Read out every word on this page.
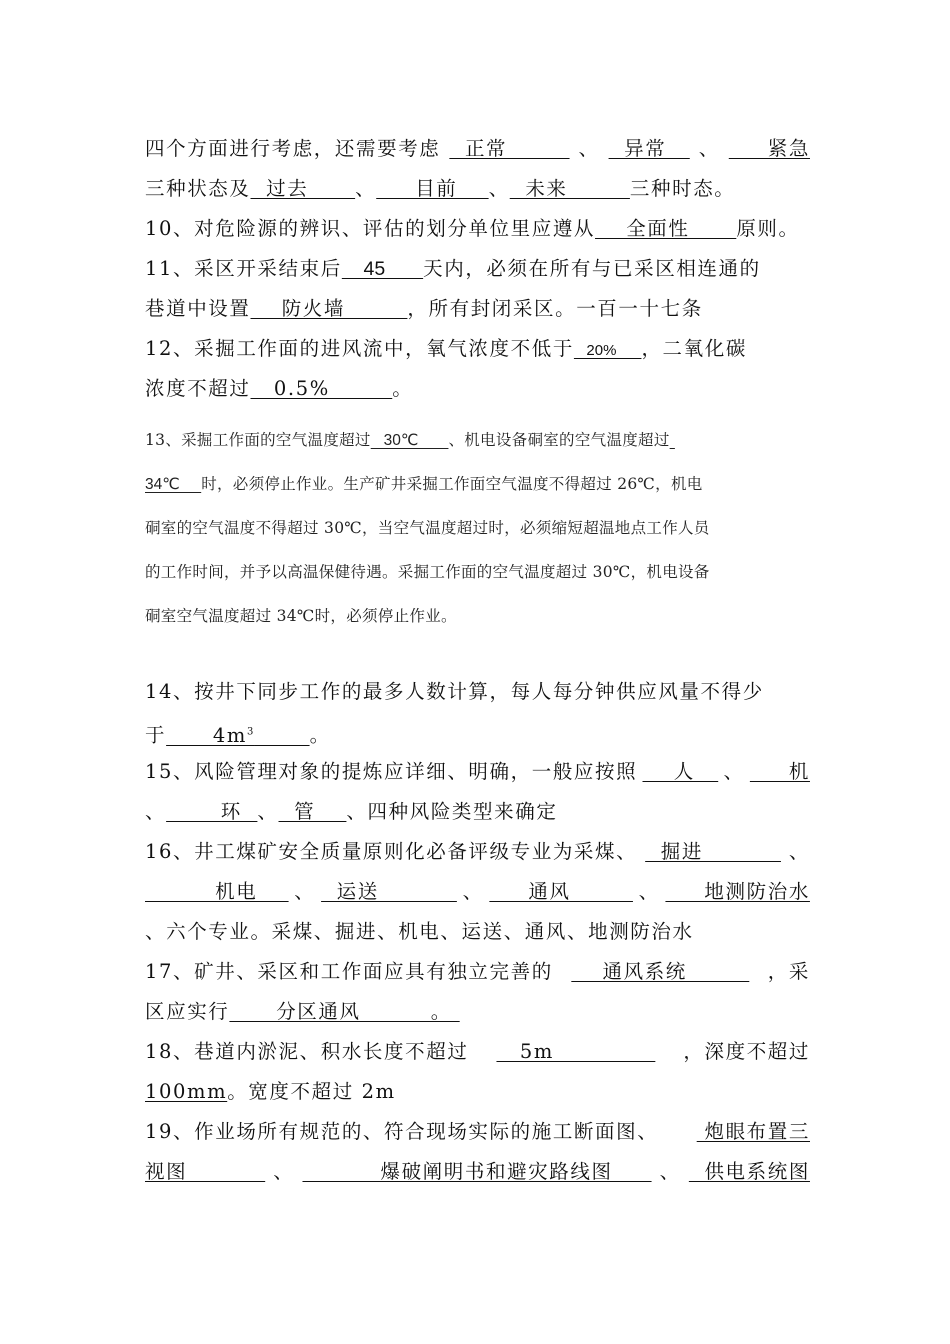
四个方面进行考虑，还需要考虑 正常 、 异常 、 紧急
三种状态及  过去      、     目前    、  未来        三种时态。
10、对危险源的辨识、评估的划分单位里应遵从    全面性      原则。
11、采区开采结束后    45       天内，必须在所有与已采区相连通的
巷道中设置    防火墙        ，所有封闭采区。一百一十七条
12、采掘工作面的进风流中，氧气浓度不低于   20%      ，二氧化碳
浓度不超过   0.5%        。
13、采掘工作面的空气温度超过   30℃       、机电设备硐室的空气温度超过
34℃     时，必须停止作业。生产矿井采掘工作面空气温度不得超过 26℃，机电
硐室的空气温度不得超过 30℃，当空气温度超过时，必须缩短超温地点工作人员
的工作时间，并予以高温保健待遇。采掘工作面的空气温度超过 30℃，机电设备
硐室空气温度超过 34℃时，必须停止作业。
14、按井下同步工作的最多人数计算，每人每分钟供应风量不得少
于      $4m^3$	。
15、风险管理对象的提炼应详细、明确，一般应按照 人 、 机
、       环  、  管    、四种风险类型来确定
16、井工煤矿安全质量原则化必备评级专业为采煤、 掘进 、
机电 、 运送 、 通风 、 地测防治水
、六个专业。采煤、掘进、机电、运送、通风、地测防治水
17、矿井、采区和工作面应具有独立完善的 通风系统 ，采
区应实行      分区通风         。
18、巷道内淤泥、积水长度不超过 5m ，深度不超过
100mm。宽度不超过 2m
19、作业场所有规范的、符合现场实际的施工断面图、 炮眼布置三
视图 、 爆破阐明书和避灾路线图 、 供电系统图
